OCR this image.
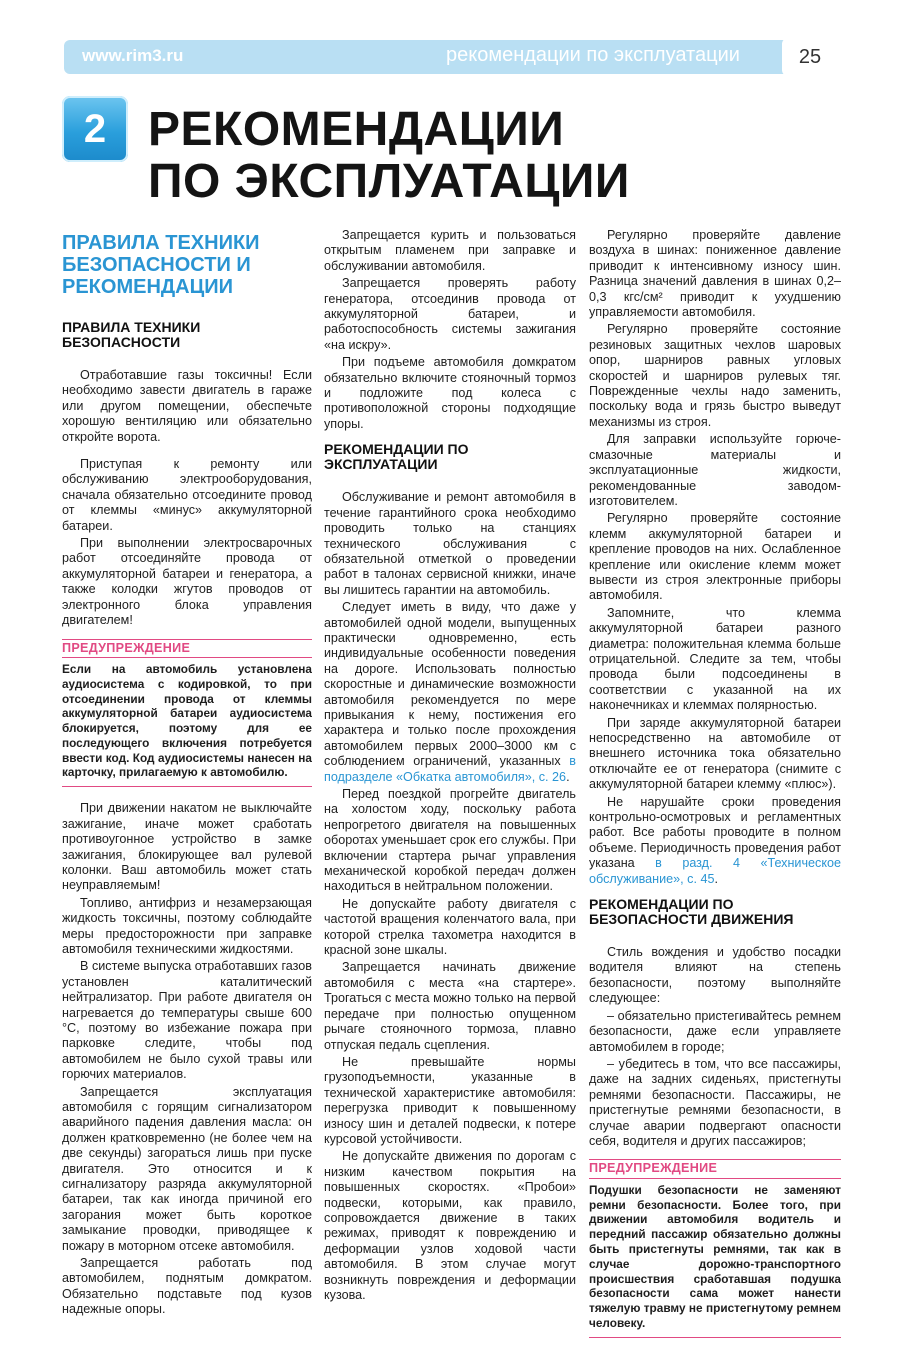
www.rim3.ru	рекомендации по эксплуатации	25
2 РЕКОМЕНДАЦИИ
ПО ЭКСПЛУАТАЦИИ
ПРАВИЛА ТЕХНИКИ БЕЗОПАСНОСТИ И РЕКОМЕНДАЦИИ
ПРАВИЛА ТЕХНИКИ БЕЗОПАСНОСТИ

Отработавшие газы токсичны! Если необходимо завести двигатель в гараже или другом помещении, обеспечьте хорошую вентиляцию или обязательно откройте ворота.

Приступая к ремонту или обслуживанию электрооборудования, сначала обязательно отсоедините провод от клеммы «минус» аккумуляторной батареи.

При выполнении электросварочных работ отсоединяйте провода от аккумуляторной батареи и генератора, а также колодки жгутов проводов от электронного блока управления двигателем!

ПРЕДУПРЕЖДЕНИЕ
Если на автомобиль установлена аудиосистема с кодировкой, то при отсоединении провода от клеммы аккумуляторной батареи аудиосистема блокируется, поэтому для ее последующего включения потребуется ввести код. Код аудиосистемы нанесен на карточку, прилагаемую к автомобилю.

При движении накатом не выключайте зажигание, иначе может сработать противоугонное устройство в замке зажигания, блокирующее вал рулевой колонки. Ваш автомобиль может стать неуправляемым!

Топливо, антифриз и незамерзающая жидкость токсичны, поэтому соблюдайте меры предосторожности при заправке автомобиля техническими жидкостями.

В системе выпуска отработавших газов установлен каталитический нейтрализатор. При работе двигателя он нагревается до температуры свыше 600 °С, поэтому во избежание пожара при парковке следите, чтобы под автомобилем не было сухой травы или горючих материалов.

Запрещается эксплуатация автомобиля с горящим сигнализатором аварийного падения давления масла: он должен кратковременно (не более чем на две секунды) загораться лишь при пуске двигателя. Это относится и к сигнализатору разряда аккумуляторной батареи, так как иногда причиной его загорания может быть короткое замыкание проводки, приводящее к пожару в моторном отсеке автомобиля.

Запрещается работать под автомобилем, поднятым домкратом. Обязательно подставьте под кузов надежные опоры.

Запрещается курить и пользоваться открытым пламенем при заправке и обслуживании автомобиля.

Запрещается проверять работу генератора, отсоединив провода от аккумуляторной батареи, и работоспособность системы зажигания «на искру».

При подъеме автомобиля домкратом обязательно включите стояночный тормоз и подложите под колеса с противоположной стороны подходящие упоры.

РЕКОМЕНДАЦИИ ПО ЭКСПЛУАТАЦИИ

Обслуживание и ремонт автомобиля в течение гарантийного срока необходимо проводить только на станциях технического обслуживания с обязательной отметкой о проведении работ в талонах сервисной книжки, иначе вы лишитесь гарантии на автомобиль.

Следует иметь в виду, что даже у автомобилей одной модели, выпущенных практически одновременно, есть индивидуальные особенности поведения на дороге. Использовать полностью скоростные и динамические возможности автомобиля рекомендуется по мере привыкания к нему, постижения его характера и только после прохождения автомобилем первых 2000–3000 км с соблюдением ограничений, указанных в подразделе «Обкатка автомобиля», с. 26.

Перед поездкой прогрейте двигатель на холостом ходу, поскольку работа непрогретого двигателя на повышенных оборотах уменьшает срок его службы. При включении стартера рычаг управления механической коробкой передач должен находиться в нейтральном положении.

Не допускайте работу двигателя с частотой вращения коленчатого вала, при которой стрелка тахометра находится в красной зоне шкалы.

Запрещается начинать движение автомобиля с места «на стартере». Трогаться с места можно только на первой передаче при полностью опущенном рычаге стояночного тормоза, плавно отпуская педаль сцепления.

Не превышайте нормы грузоподъемности, указанные в технической характеристике автомобиля: перегрузка приводит к повышенному износу шин и деталей подвески, к потере курсовой устойчивости.

Не допускайте движения по дорогам с низким качеством покрытия на повышенных скоростях. «Пробои» подвески, которыми, как правило, сопровождается движение в таких режимах, приводят к повреждению и деформации узлов ходовой части автомобиля. В этом случае могут возникнуть повреждения и деформации кузова.

Регулярно проверяйте давление воздуха в шинах: пониженное давление приводит к интенсивному износу шин. Разница значений давления в шинах 0,2–0,3 кгс/см² приводит к ухудшению управляемости автомобиля.

Регулярно проверяйте состояние резиновых защитных чехлов шаровых опор, шарниров равных угловых скоростей и шарниров рулевых тяг. Поврежденные чехлы надо заменить, поскольку вода и грязь быстро выведут механизмы из строя.

Для заправки используйте горюче-смазочные материалы и эксплуатационные жидкости, рекомендованные заводом-изготовителем.

Регулярно проверяйте состояние клемм аккумуляторной батареи и крепление проводов на них. Ослабленное крепление или окисление клемм может вывести из строя электронные приборы автомобиля.

Запомните, что клемма аккумуляторной батареи разного диаметра: положительная клемма больше отрицательной. Следите за тем, чтобы провода были подсоединены в соответствии с указанной на их наконечниках и клеммах полярностью.

При заряде аккумуляторной батареи непосредственно на автомобиле от внешнего источника тока обязательно отключайте ее от генератора (снимите с аккумуляторной батареи клемму «плюс»).

Не нарушайте сроки проведения контрольно-осмотровых и регламентных работ. Все работы проводите в полном объеме. Периодичность проведения работ указана в разд. 4 «Техническое обслуживание», с. 45.

РЕКОМЕНДАЦИИ ПО БЕЗОПАСНОСТИ ДВИЖЕНИЯ

Стиль вождения и удобство посадки водителя влияют на степень безопасности, поэтому выполняйте следующее:

– обязательно пристегивайтесь ремнем безопасности, даже если управляете автомобилем в городе;

– убедитесь в том, что все пассажиры, даже на задних сиденьях, пристегнуты ремнями безопасности. Пассажиры, не пристегнутые ремнями безопасности, в случае аварии подвергают опасности себя, водителя и других пассажиров;

ПРЕДУПРЕЖДЕНИЕ
Подушки безопасности не заменяют ремни безопасности. Более того, при движении автомобиля водитель и передний пассажир обязательно должны быть пристегнуты ремнями, так как в случае дорожно-транспортного происшествия сработавшая подушка безопасности сама может нанести тяжелую травму не пристегнутому ремнем человеку.
